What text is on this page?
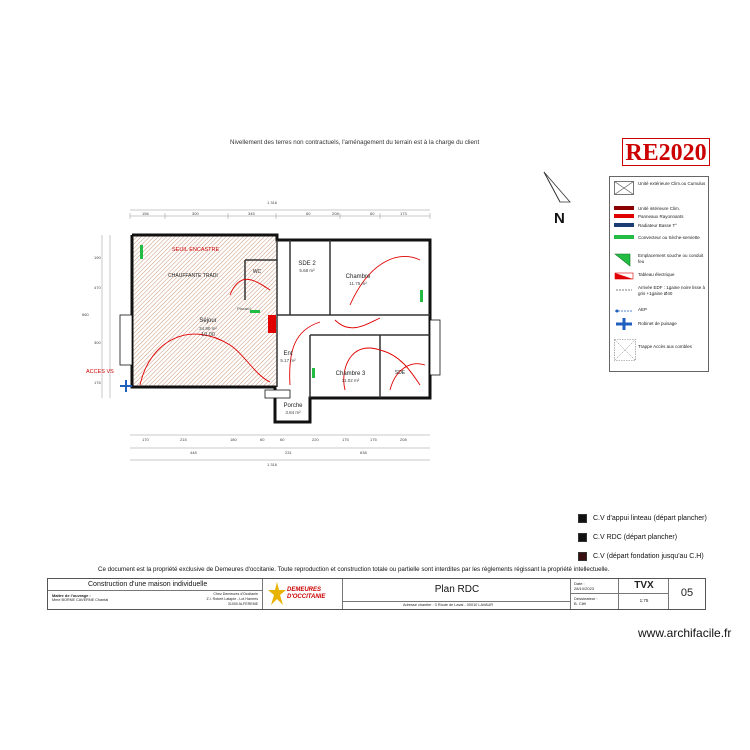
Nivellement des terres non contractuels, l'aménagement du terrain est à la charge du client	RE2020
N
Unité extérieure Clim.ou Cumulus
Unité intérieure Clim.
Panneaux Rayonnants
Radiateur Basse T°
Convecteur ou Sèche-serviette
Emplacement souche ou conduit feu
Tableau électrique
Arrivée EDF : 1gaine noire lisse à gris +1gaine Ø40
AEP
Robinet de puisage
Trappe Accès aux combles
1 316
156	300	345	60	208	60	173
SEUIL ENCASTRE
CHAUFFANTE TRADI
Séjour
34.90 m²
10.00
SDE 2
5.68 m²
Chambre
11.75 m²
Chambre 3
11.02 m²
Ent
5.17 m²
Porche
3.84 m²
WC
SDE
Placard
ACCES VS
170	215	180	60	60	220	175	175	208
448	231	638
1 316
660
190
470
300
176
C.V d'appui linteau (départ plancher)
C.V RDC (départ plancher)
C.V (départ fondation jusqu'au C.H)
Ce document est la propriété exclusive de Demeures d'occitanie. Toute reproduction et construction totale ou partielle sont interdites par les règlements régissant la propriété intellectuelle.
Construction d'une maison individuelle
Maitre de l'ouvrage :
Mme BORNE CAVERNE Chantal
Chez Demeures d'Occitanie
Z.I. Robert Latapie - Lot Harmes
31000 ALFEREME
DEMEURES D'OCCITANIE
Plan RDC
Adresse chantier : 3 Route de Laval - 00010 LAVAUR
Date :
28/10/2023
Dessinateur :
B. Clift
TVX
1:75
05
www.archifacile.fr
